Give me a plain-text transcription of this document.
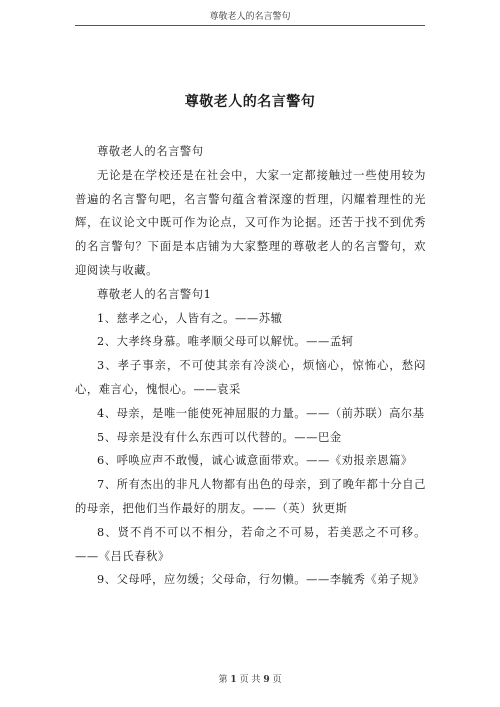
尊敬老人的名言警句
尊敬老人的名言警句

尊敬老人的名言警句

无论是在学校还是在社会中，大家一定都接触过一些使用较为普遍的名言警句吧，名言警句蕴含着深邃的哲理，闪耀着理性的光辉，在议论文中既可作为论点，又可作为论据。还苦于找不到优秀的名言警句？下面是本店铺为大家整理的尊敬老人的名言警句，欢迎阅读与收藏。

尊敬老人的名言警句1

1、慈孝之心，人皆有之。——苏辙

2、大孝终身慕。唯孝顺父母可以解忧。——孟轲

3、孝子事亲，不可使其亲有冷淡心，烦恼心，惊怖心，愁闷心，难言心，愧恨心。——袁采

4、母亲，是唯一能使死神屈服的力量。——（前苏联）高尔基

5、母亲是没有什么东西可以代替的。——巴金

6、呼唤应声不敢慢，诚心诚意面带欢。——《劝报亲恩篇》

7、所有杰出的非凡人物都有出色的母亲，到了晚年都十分自己的母亲，把他们当作最好的朋友。——（英）狄更斯

8、贤不肖不可以不相分，若命之不可易，若美恶之不可移。——《吕氏春秋》

9、父母呼，应勿缓；父母命，行勿懒。——李毓秀《弟子规》

第 1 页 共 9 页
